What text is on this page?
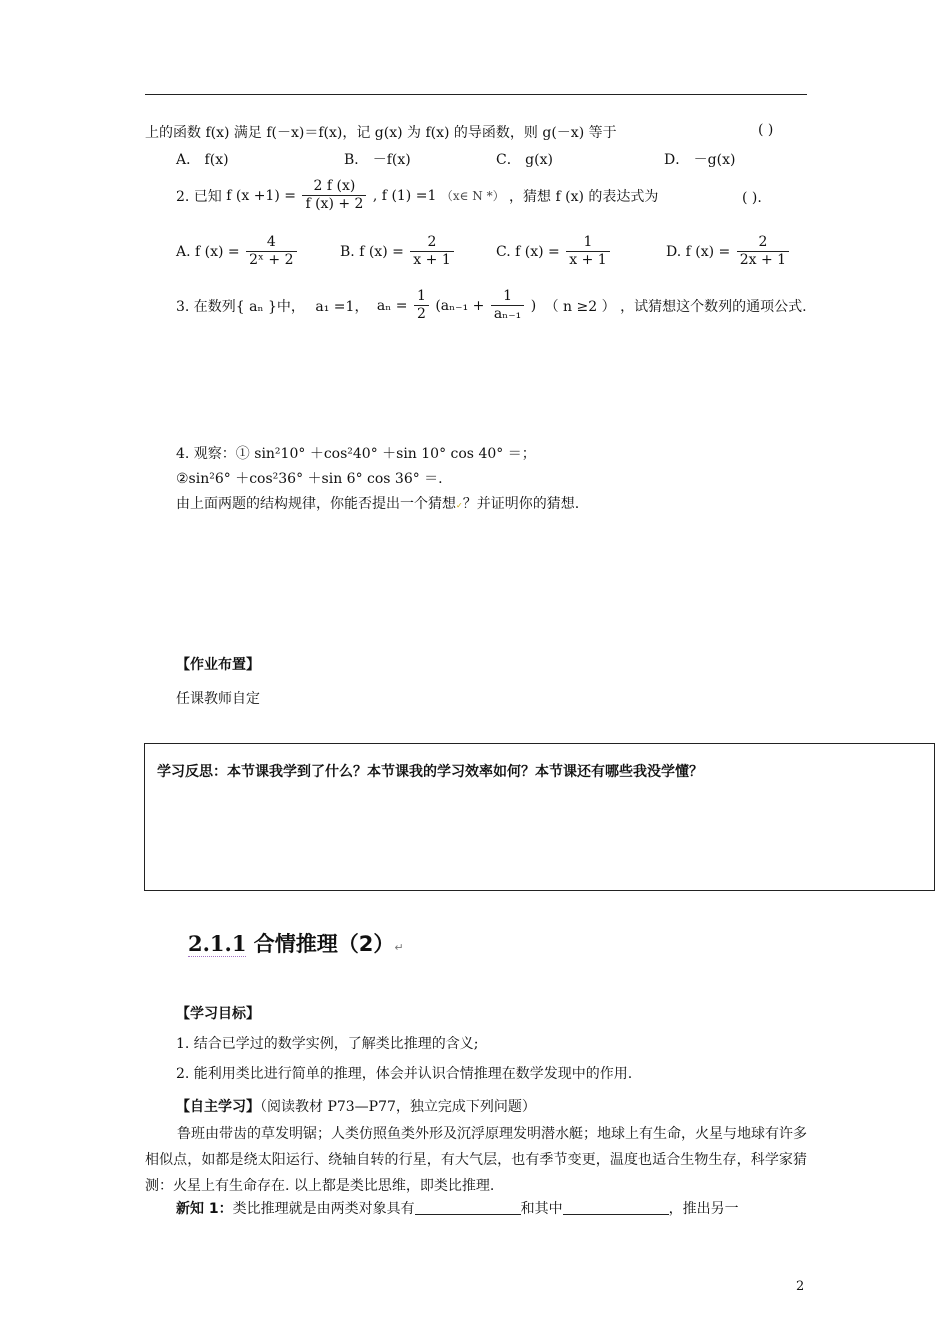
上的函数 f(x) 满足 f(－x)＝f(x)，记 g(x) 为 f(x) 的导函数，则 g(－x) 等于	( )
A． f(x)	B． －f(x)	C． g(x)	D． －g(x)
2. 已知 f $(x +1) = \frac{2 f (x)}{f (x) + 2}$ , f (1) =1 （x∈ N *） ，猜想 f (x) 的表达式为	( ).
A. f $(x) = \frac{4}{\text{2ˣ + 2}}$	B. f $(x) = \frac{2}{x + 1}$	C. f $(x) = \frac{1}{x + 1}$	D. f $(x) = \frac{2}{2x + 1}$
3. 在数列{ aₙ }中， a₁ =1， $a_n = \frac{1}{2} (a_{n-1} + \frac{1}{\text{aₙ₋₁}}$ ) （ n ≥2 ） ，试猜想这个数列的通项公式.
4. 观察：① sin²10° ＋cos²40° ＋sin 10° cos 40° ＝；
②sin²6° ＋cos²36° ＋sin 6° cos 36° ＝.
由上面两题的结构规律，你能否提出一个猜想✓？并证明你的猜想.
【作业布置】
任课教师自定
学习反思：本节课我学到了什么？本节课我的学习效率如何？本节课还有哪些我没学懂？
2.1.1 合情推理（2）↵
【学习目标】
1. 结合已学过的数学实例，了解类比推理的含义;
2. 能利用类比进行简单的推理，体会并认识合情推理在数学发现中的作用.
【自主学习】（阅读教材 P73—P77，独立完成下列问题）
鲁班由带齿的草发明锯；人类仿照鱼类外形及沉浮原理发明潜水艇；地球上有生命，火星与地球有许多相似点，如都是绕太阳运行、绕轴自转的行星，有大气层，也有季节变更，温度也适合生物生存，科学家猜测：火星上有生命存在. 以上都是类比思维，即类比推理.
新知 1：类比推理就是由两类对象具有	和其中	，推出另一
2
